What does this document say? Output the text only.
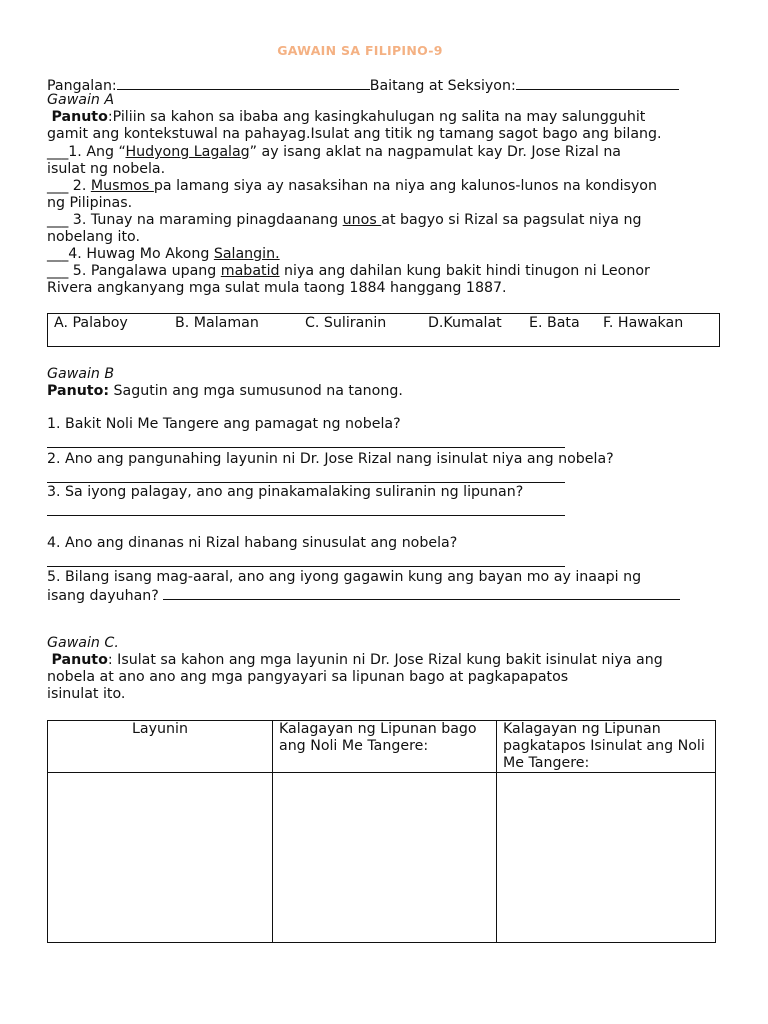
GAWAIN SA FILIPINO-9
Pangalan:	Baitang at Seksiyon:
Gawain A
Panuto:Piliin sa kahon sa ibaba ang kasingkahulugan ng salita na may salungguhit
gamit ang kontekstuwal na pahayag.Isulat ang titik ng tamang sagot bago ang bilang.
___1. Ang “Hudyong Lagalag” ay isang aklat na nagpamulat kay Dr. Jose Rizal na
isulat ng nobela.
___ 2. Musmos pa lamang siya ay nasaksihan na niya ang kalunos-lunos na kondisyon
ng Pilipinas.
___ 3. Tunay na maraming pinagdaanang unos at bagyo si Rizal sa pagsulat niya ng
nobelang ito.
___4. Huwag Mo Akong Salangin.
___ 5. Pangalawa upang mabatid niya ang dahilan kung bakit hindi tinugon ni Leonor
Rivera angkanyang mga sulat mula taong 1884 hanggang 1887.
A. Palaboy	B. Malaman	C. Suliranin	D.Kumalat E. Bata F. Hawakan
Gawain B
Panuto: Sagutin ang mga sumusunod na tanong.
1. Bakit Noli Me Tangere ang pamagat ng nobela?
2. Ano ang pangunahing layunin ni Dr. Jose Rizal nang isinulat niya ang nobela?
3. Sa iyong palagay, ano ang pinakamalaking suliranin ng lipunan?
4. Ano ang dinanas ni Rizal habang sinusulat ang nobela?
5. Bilang isang mag-aaral, ano ang iyong gagawin kung ang bayan mo ay inaapi ng
isang dayuhan?
Gawain C.
Panuto: Isulat sa kahon ang mga layunin ni Dr. Jose Rizal kung bakit isinulat niya ang
nobela at ano ano ang mga pangyayari sa lipunan bago at pagkapapatos
isinulat ito.
Layunin	Kalagayan ng Lipunan bago ang Noli Me Tangere:	Kalagayan ng Lipunan pagkatapos Isinulat ang Noli Me Tangere:
